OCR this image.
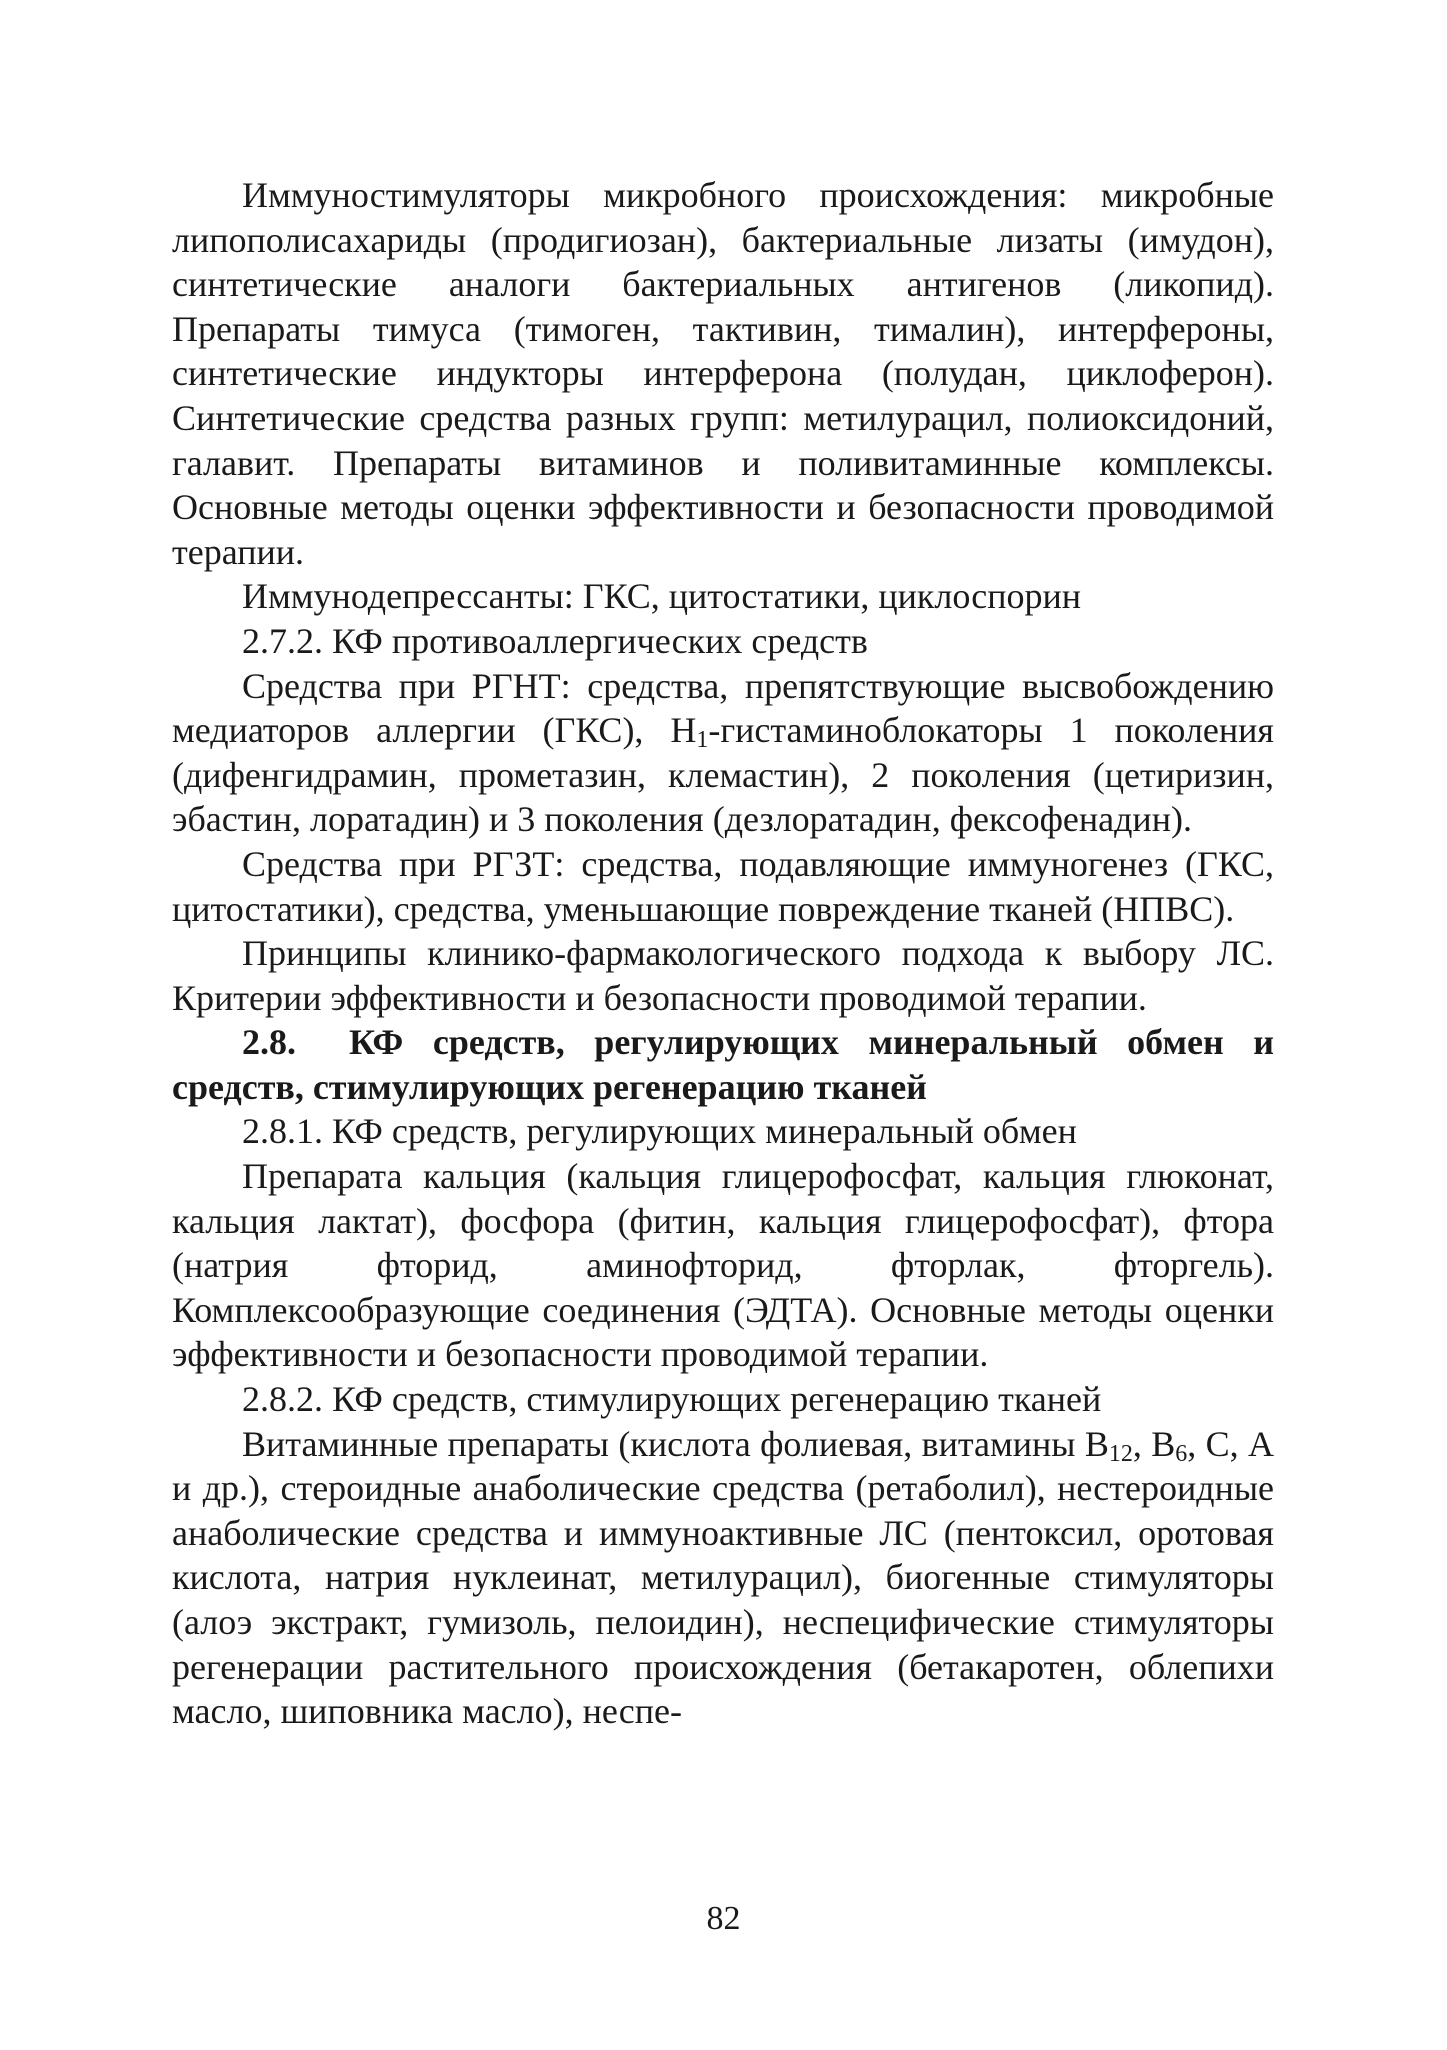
Иммуностимуляторы микробного происхождения: микробные липополисахариды (продигиозан), бактериальные лизаты (имудон), синтетические аналоги бактериальных антигенов (ликопид). Препараты тимуса (тимоген, тактивин, тималин), интерфероны, синтетические индукторы интерферона (полудан, циклоферон). Синтетические средства разных групп: метилурацил, полиоксидоний, галавит. Препараты витаминов и поливитаминные комплексы. Основные методы оценки эффективности и безопасности проводимой терапии.

Иммунодепрессанты: ГКС, цитостатики, циклоспорин

2.7.2. КФ противоаллергических средств

Средства при РГНТ: средства, препятствующие высвобождению медиаторов аллергии (ГКС), $H_1$-гистаминоблокаторы 1 поколения (дифенгидрамин, прометазин, клемастин), 2 поколения (цетиризин, эбастин, лоратадин) и 3 поколения (дезлоратадин, фексофенадин).

Средства при РГЗТ: средства, подавляющие иммуногенез (ГКС, цитостатики), средства, уменьшающие повреждение тканей (НПВС).

Принципы клинико-фармакологического подхода к выбору ЛС. Критерии эффективности и безопасности проводимой терапии.

2.8. КФ средств, регулирующих минеральный обмен и средств, стимулирующих регенерацию тканей

2.8.1. КФ средств, регулирующих минеральный обмен

Препарата кальция (кальция глицерофосфат, кальция глюконат, кальция лактат), фосфора (фитин, кальция глицерофосфат), фтора (натрия фторид, аминофторид, фторлак, фторгель). Комплексообразующие соединения (ЭДТА). Основные методы оценки эффективности и безопасности проводимой терапии.

2.8.2. КФ средств, стимулирующих регенерацию тканей

Витаминные препараты (кислота фолиевая, витамины $B_{12}$, $B_6$, С, А и др.), стероидные анаболические средства (ретаболил), нестероидные анаболические средства и иммуноактивные ЛС (пентоксил, оротовая кислота, натрия нуклеинат, метилурацил), биогенные стимуляторы (алоэ экстракт, гумизоль, пелоидин), неспецифические стимуляторы регенерации растительного происхождения (бетакаротен, облепихи масло, шиповника масло), неспе-

82
